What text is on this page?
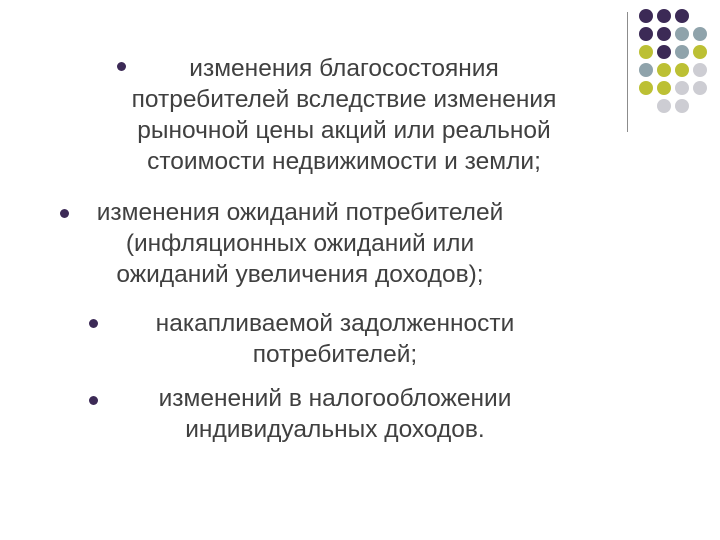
изменения благосостояния
потребителей вследствие изменения
рыночной цены акций или реальной
стоимости недвижимости и земли;
изменения ожиданий потребителей
(инфляционных ожиданий или
ожиданий увеличения доходов);
накапливаемой задолженности
потребителей;
изменений в налогообложении
индивидуальных доходов.
